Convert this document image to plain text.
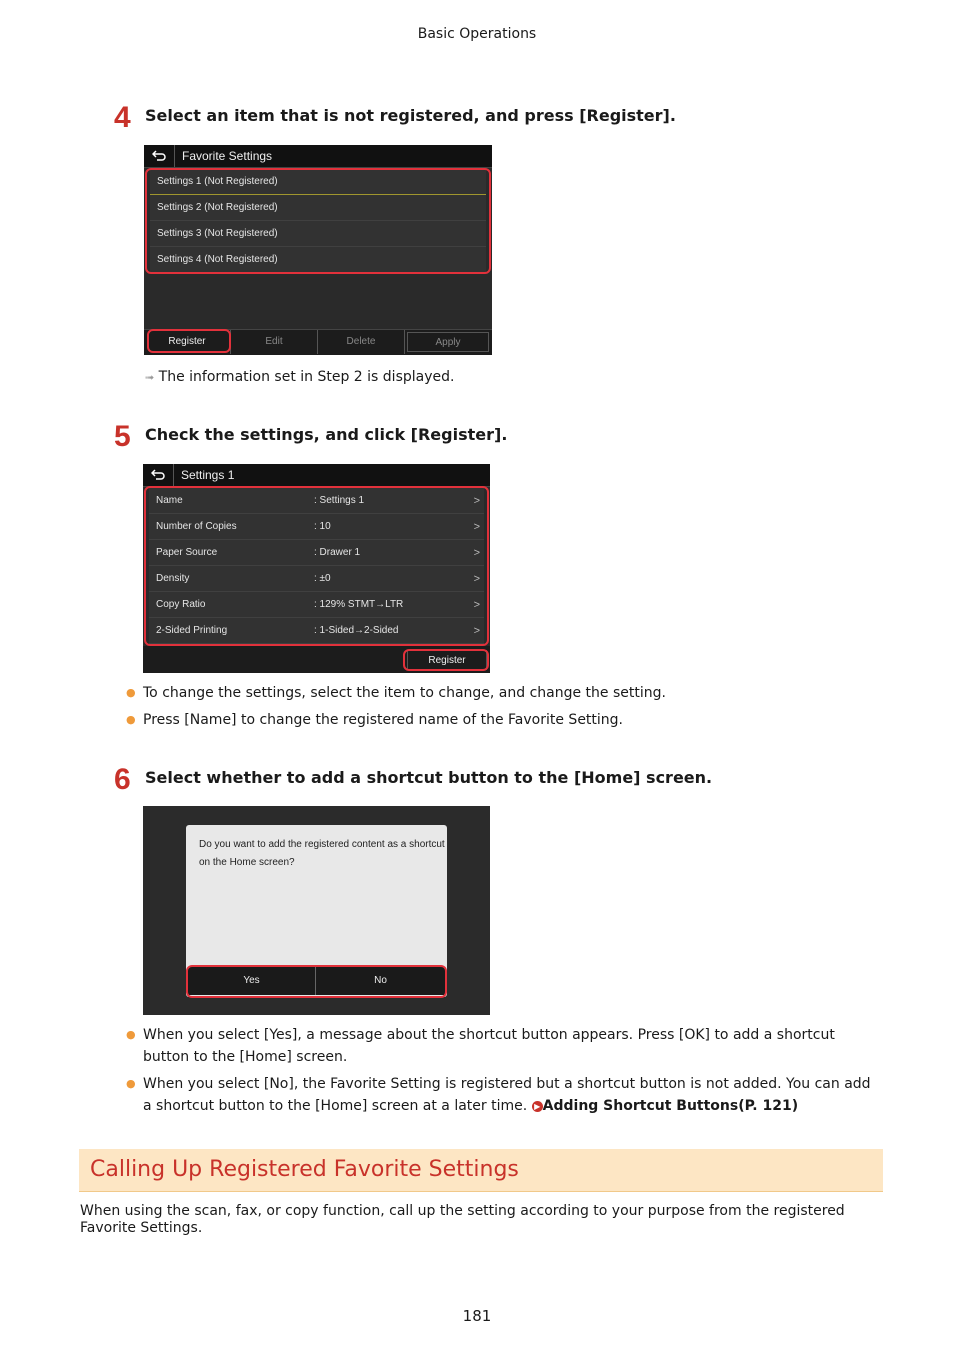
Basic Operations
4 Select an item that is not registered, and press [Register].
Favorite Settings
Settings 1 (Not Registered)
Settings 2 (Not Registered)
Settings 3 (Not Registered)
Settings 4 (Not Registered)
Register	Edit	Delete	Apply
➟ The information set in Step 2 is displayed.
5 Check the settings, and click [Register].
Settings 1
Name	: Settings 1	>
Number of Copies	: 10	>
Paper Source	: Drawer 1	>
Density	: ±0	>
Copy Ratio	: 129% STMT→LTR	>
2-Sided Printing	: 1-Sided→2-Sided	>
Register
● To change the settings, select the item to change, and change the setting.
● Press [Name] to change the registered name of the Favorite Setting.
6 Select whether to add a shortcut button to the [Home] screen.
Do you want to add the registered content as a shortcut
on the Home screen?
Yes	No
● When you select [Yes], a message about the shortcut button appears. Press [OK] to add a shortcut button to the [Home] screen.
● When you select [No], the Favorite Setting is registered but a shortcut button is not added. You can add a shortcut button to the [Home] screen at a later time. ▶ Adding Shortcut Buttons(P. 121)
Calling Up Registered Favorite Settings
When using the scan, fax, or copy function, call up the setting according to your purpose from the registered Favorite Settings.
181
